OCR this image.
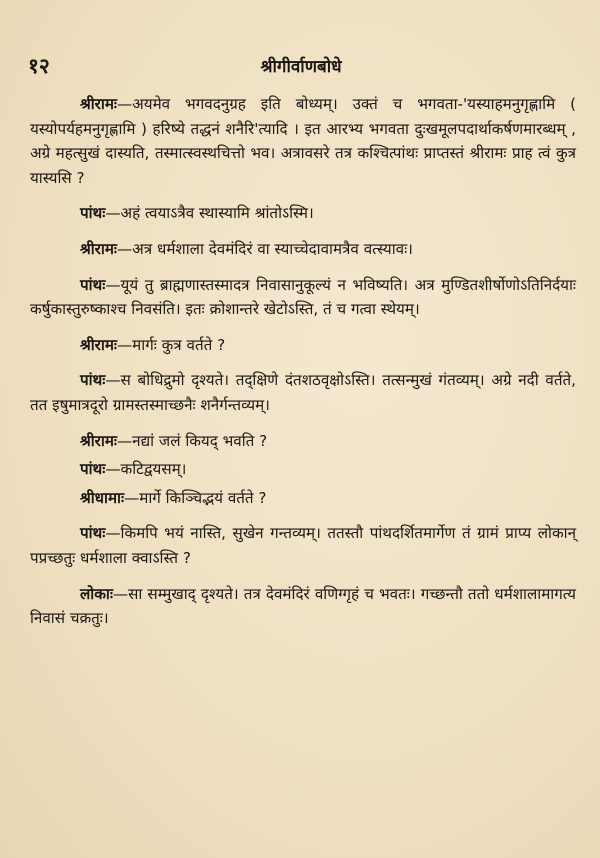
१२	श्रीगीर्वाणबोधे

श्रीरामः—अयमेव भगवदनुग्रह इति बोध्यम्। उक्तं च भगवता-'यस्याहमनुगृह्णामि ( यस्योपर्यहमनुगृह्णामि ) हरिष्ये तद्धनं शनैरि'त्यादि । इत आरभ्य भगवता दुःखमूलपदार्थाकर्षणमारब्धम् , अग्रे महत्सुखं दास्यति, तस्मात्स्वस्थचित्तो भव। अत्रावसरे तत्र कश्चित्पांथः प्राप्तस्तं श्रीरामः प्राह त्वं कुत्र यास्यसि ?

पांथः—अहं त्वयाऽत्रैव स्थास्यामि श्रांतोऽस्मि।

श्रीरामः—अत्र धर्मशाला देवमंदिरं वा स्याच्चेदावामत्रैव वत्स्यावः।

पांथः—यूयं तु ब्राह्मणास्तस्मादत्र निवासानुकूल्यं न भविष्यति। अत्र मुण्डितशीर्षोणोऽतिनिर्दयाः कर्षुकास्तुरुष्काश्च निवसंति। इतः क्रोशान्तरे खेटोऽस्ति, तं च गत्वा स्थेयम्।

श्रीरामः—मार्गः कुत्र वर्तते ?

पांथः—स बोधिद्रुमो दृश्यते। तद्क्षिणे दंतशठवृक्षोऽस्ति। तत्सन्मुखं गंतव्यम्। अग्रे नदी वर्तते, तत इषुमात्रदूरो ग्रामस्तस्माच्छनैः शनैर्गन्तव्यम्।

श्रीरामः—नद्यां जलं कियद् भवति ?

पांथः—कटिद्वयसम्।

श्रीधामाः—मार्गे किञ्चिद्भयं वर्तते ?

पांथः—किमपि भयं नास्ति, सुखेन गन्तव्यम्। ततस्तौ पांथदर्शितमार्गेण तं ग्रामं प्राप्य लोकान् पप्रच्छतुः धर्मशाला क्वाऽस्ति ?

लोकाः—सा सम्मुखाद् दृश्यते। तत्र देवमंदिरं वणिग्गृहं च भवतः। गच्छन्तौ ततो धर्मशालामागत्य निवासं चक्रतुः।
